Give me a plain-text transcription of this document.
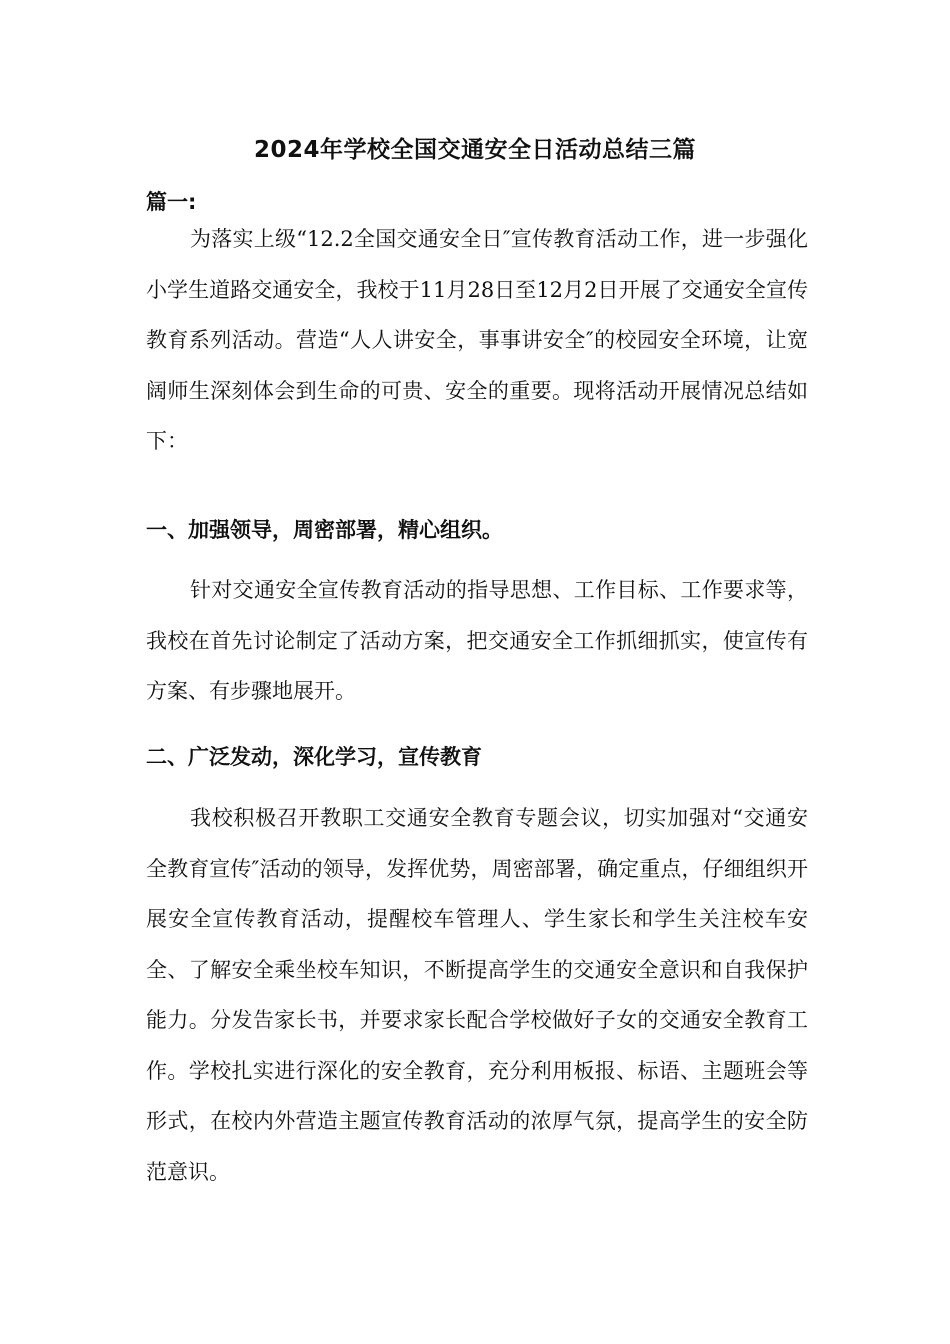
2024年学校全国交通安全日活动总结三篇
篇一:

为落实上级“12.2全国交通安全日″宣传教育活动工作，进一步强化小学生道路交通安全，我校于11月28日至12月2日开展了交通安全宣传教育系列活动。营造“人人讲安全，事事讲安全″的校园安全环境，让宽阔师生深刻体会到生命的可贵、安全的重要。现将活动开展情况总结如下：

一、加强领导，周密部署，精心组织。

针对交通安全宣传教育活动的指导思想、工作目标、工作要求等，我校在首先讨论制定了活动方案，把交通安全工作抓细抓实，使宣传有方案、有步骤地展开。

二、广泛发动，深化学习，宣传教育

我校积极召开教职工交通安全教育专题会议，切实加强对“交通安全教育宣传″活动的领导，发挥优势，周密部署，确定重点，仔细组织开展安全宣传教育活动，提醒校车管理人、学生家长和学生关注校车安全、了解安全乘坐校车知识，不断提高学生的交通安全意识和自我保护能力。分发告家长书，并要求家长配合学校做好子女的交通安全教育工作。学校扎实进行深化的安全教育，充分利用板报、标语、主题班会等形式，在校内外营造主题宣传教育活动的浓厚气氛，提高学生的安全防范意识。
